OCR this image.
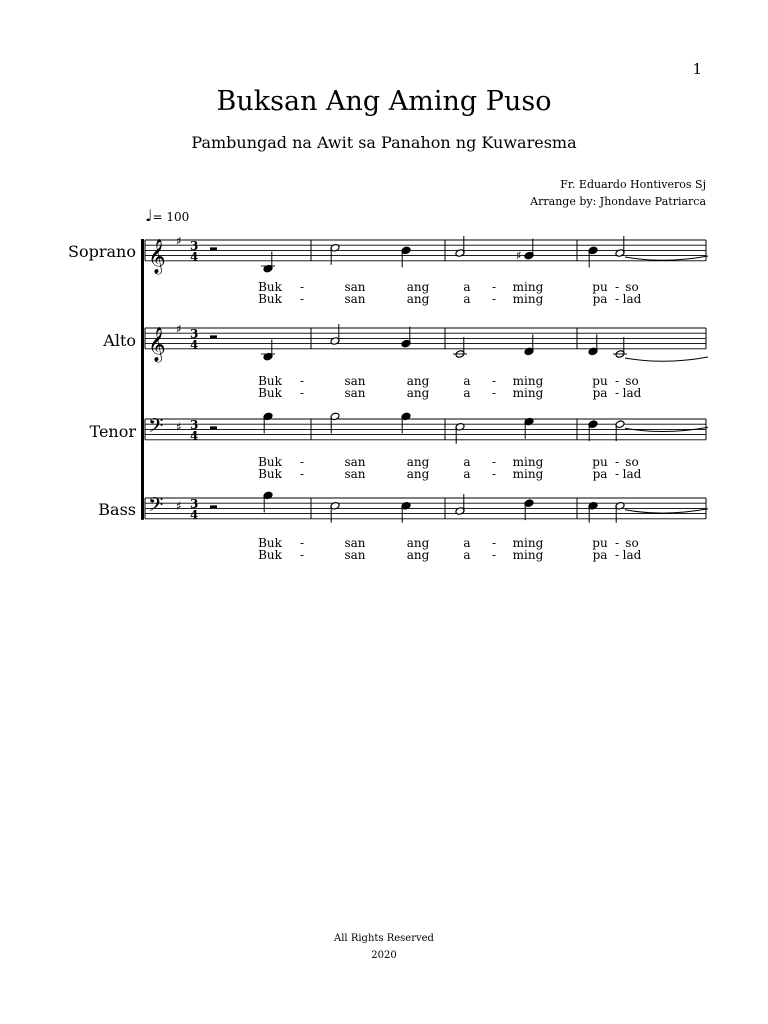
1
Buksan Ang Aming Puso
Pambungad na Awit sa Panahon ng Kuwaresma
Fr. Eduardo Hontiveros Sj
Arrange by: Jhondave Patriarca
♩= 100
Soprano
Alto
Tenor
Bass
𝄞 ♯ 3
4	♯
𝄞 ♯ 3
4
𝄢 ♯ 3
4
𝄢 ♯ 3
4
Buk -	san	ang	a - ming	pu - so
Buk -	san	ang	a - ming	pa - lad
Buk -	san	ang	a - ming	pu - so
Buk -	san	ang	a - ming	pa - lad
Buk -	san	ang	a - ming	pu - so
Buk -	san	ang	a - ming	pa - lad
Buk -	san	ang	a - ming	pu - so
Buk -	san	ang	a - ming	pa - lad
All Rights Reserved
2020
